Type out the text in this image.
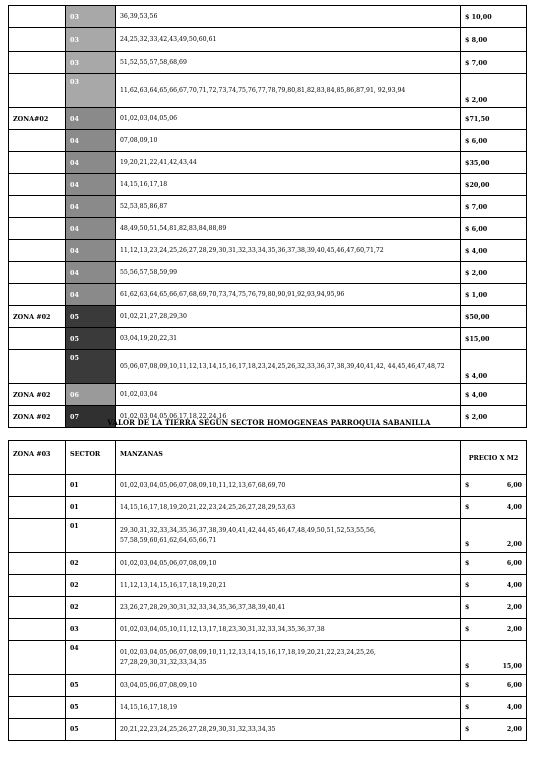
	03	36,39,53,56	$ 10,00
	03	24,25,32,33,42,43,49,50,60,61	$ 8,00
	03	51,52,55,57,58,68,69	$ 7,00
	03	11,62,63,64,65,66,67,70,71,72,73,74,75,76,77,78,79,80,81,82,83,84,85,86,87,91, 92,93,94	$ 2,00
ZONA#02	04	01,02,03,04,05,06	$71,50
	04	07,08,09,10	$ 6,00
	04	19,20,21,22,41,42,43,44	$35,00
	04	14,15,16,17,18	$20,00
	04	52,53,85,86,87	$ 7,00
	04	48,49,50,51,54,81,82,83,84,88,89	$ 6,00
	04	11,12,13,23,24,25,26,27,28,29,30,31,32,33,34,35,36,37,38,39,40,45,46,47,60,71,72	$ 4,00
	04	55,56,57,58,59,99	$ 2,00
	04	61,62,63,64,65,66,67,68,69,70,73,74,75,76,79,80,90,91,92,93,94,95,96	$ 1,00
ZONA #02	05	01,02,21,27,28,29,30	$50,00
	05	03,04,19,20,22,31	$15,00
	05	05,06,07,08,09,10,11,12,13,14,15,16,17,18,23,24,25,26,32,33,36,37,38,39,40,41,42, 44,45,46,47,48,72	$ 4,00
ZONA #02	06	01,02,03,04	$ 4,00
ZONA #02	07	01,02,03,04,05,06,17,18,22,24,16	$ 2,00
VALOR DE LA TIERRA SEGÚN SECTOR HOMOGENEAS PARROQUIA SABANILLA
ZONA #03	SECTOR	MANZANAS	PRECIO X M2
	01	01,02,03,04,05,06,07,08,09,10,11,12,13,67,68,69,70	$ 6,00

	01	14,15,16,17,18,19,20,21,22,23,24,25,26,27,28,29,53,63	$ 4,00

	01	29,30,31,32,33,34,35,36,37,38,39,40,41,42,44,45,46,47,48,49,50,51,52,53,55,56, 57,58,59,60,61,62,64,65,66,71	$ 2,00

	02	01,02,03,04,05,06,07,08,09,10	$ 6,00

	02	11,12,13,14,15,16,17,18,19,20,21	$ 4,00

	02	23,26,27,28,29,30,31,32,33,34,35,36,37,38,39,40,41	$ 2,00

	03	01,02,03,04,05,10,11,12,13,17,18,23,30,31,32,33,34,35,36,37,38	$ 2,00

	04	01,02,03,04,05,06,07,08,09,10,11,12,13,14,15,16,17,18,19,20,21,22,23,24,25,26, 27,28,29,30,31,32,33,34,35	$ 15,00

	05	03,04,05,06,07,08,09,10	$ 6,00

	05	14,15,16,17,18,19	$ 4,00

	05	20,21,22,23,24,25,26,27,28,29,30,31,32,33,34,35	$ 2,00
